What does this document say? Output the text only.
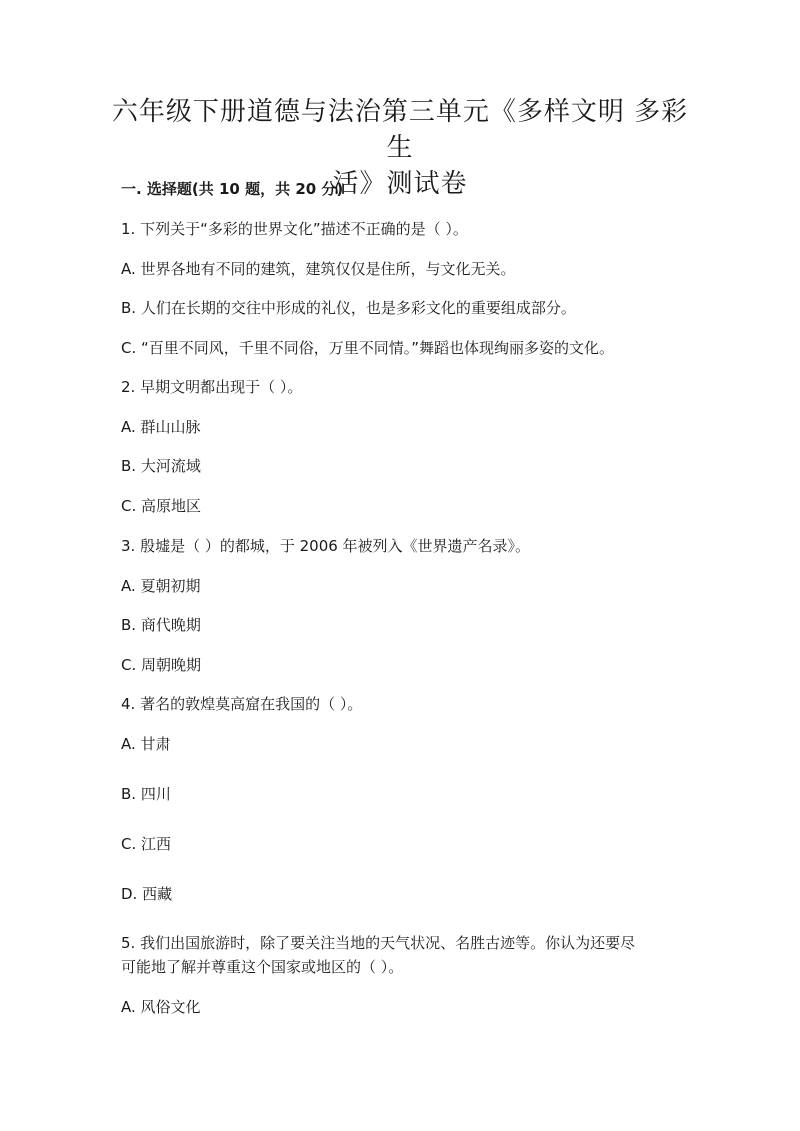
六年级下册道德与法治第三单元《多样文明 多彩生
活》测试卷
一. 选择题(共 10 题，共 20 分)
1. 下列关于“多彩的世界文化”描述不正确的是（ ）。
A. 世界各地有不同的建筑，建筑仅仅是住所，与文化无关。
B. 人们在长期的交往中形成的礼仪，也是多彩文化的重要组成部分。
C. “百里不同风，千里不同俗，万里不同情。”舞蹈也体现绚丽多姿的文化。
2. 早期文明都出现于（ ）。
A. 群山山脉
B. 大河流域
C. 高原地区
3. 殷墟是（ ）的都城，于 2006 年被列入《世界遗产名录》。
A. 夏朝初期
B. 商代晚期
C. 周朝晚期
4. 著名的敦煌莫高窟在我国的（ ）。
A. 甘肃
B. 四川
C. 江西
D. 西藏
5. 我们出国旅游时，除了要关注当地的天气状况、名胜古迹等。你认为还要尽
可能地了解并尊重这个国家或地区的（ ）。
A. 风俗文化
